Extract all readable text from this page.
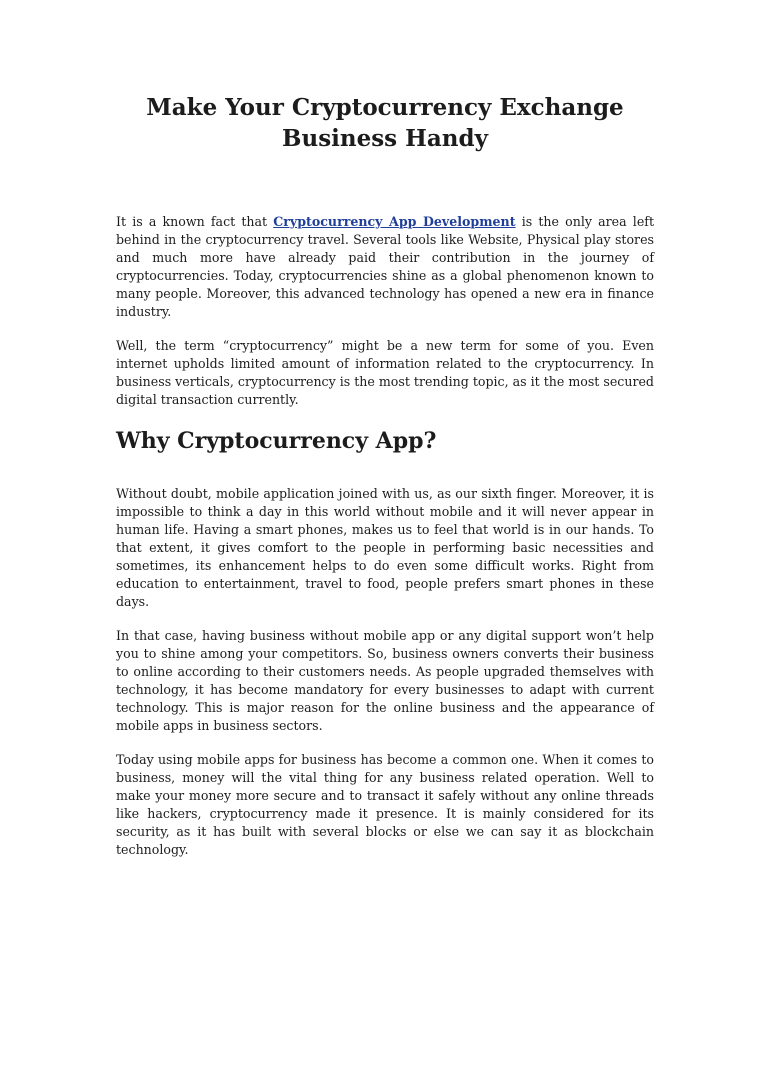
Make Your Cryptocurrency Exchange Business Handy

It is a known fact that Cryptocurrency App Development is the only area left behind in the cryptocurrency travel. Several tools like Website, Physical play stores and much more have already paid their contribution in the journey of cryptocurrencies. Today, cryptocurrencies shine as a global phenomenon known to many people. Moreover, this advanced technology has opened a new era in finance industry.

Well, the term “cryptocurrency” might be a new term for some of you. Even internet upholds limited amount of information related to the cryptocurrency. In business verticals, cryptocurrency is the most trending topic, as it the most secured digital transaction currently.

Why Cryptocurrency App?

Without doubt, mobile application joined with us, as our sixth finger. Moreover, it is impossible to think a day in this world without mobile and it will never appear in human life. Having a smart phones, makes us to feel that world is in our hands. To that extent, it gives comfort to the people in performing basic necessities and sometimes, its enhancement helps to do even some difficult works. Right from education to entertainment, travel to food, people prefers smart phones in these days.

In that case, having business without mobile app or any digital support won’t help you to shine among your competitors. So, business owners converts their business to online according to their customers needs. As people upgraded themselves with technology, it has become mandatory for every businesses to adapt with current technology. This is major reason for the online business and the appearance of mobile apps in business sectors.

Today using mobile apps for business has become a common one. When it comes to business, money will the vital thing for any business related operation. Well to make your money more secure and to transact it safely without any online threads like hackers, cryptocurrency made it presence. It is mainly considered for its security, as it has built with several blocks or else we can say it as blockchain technology.
